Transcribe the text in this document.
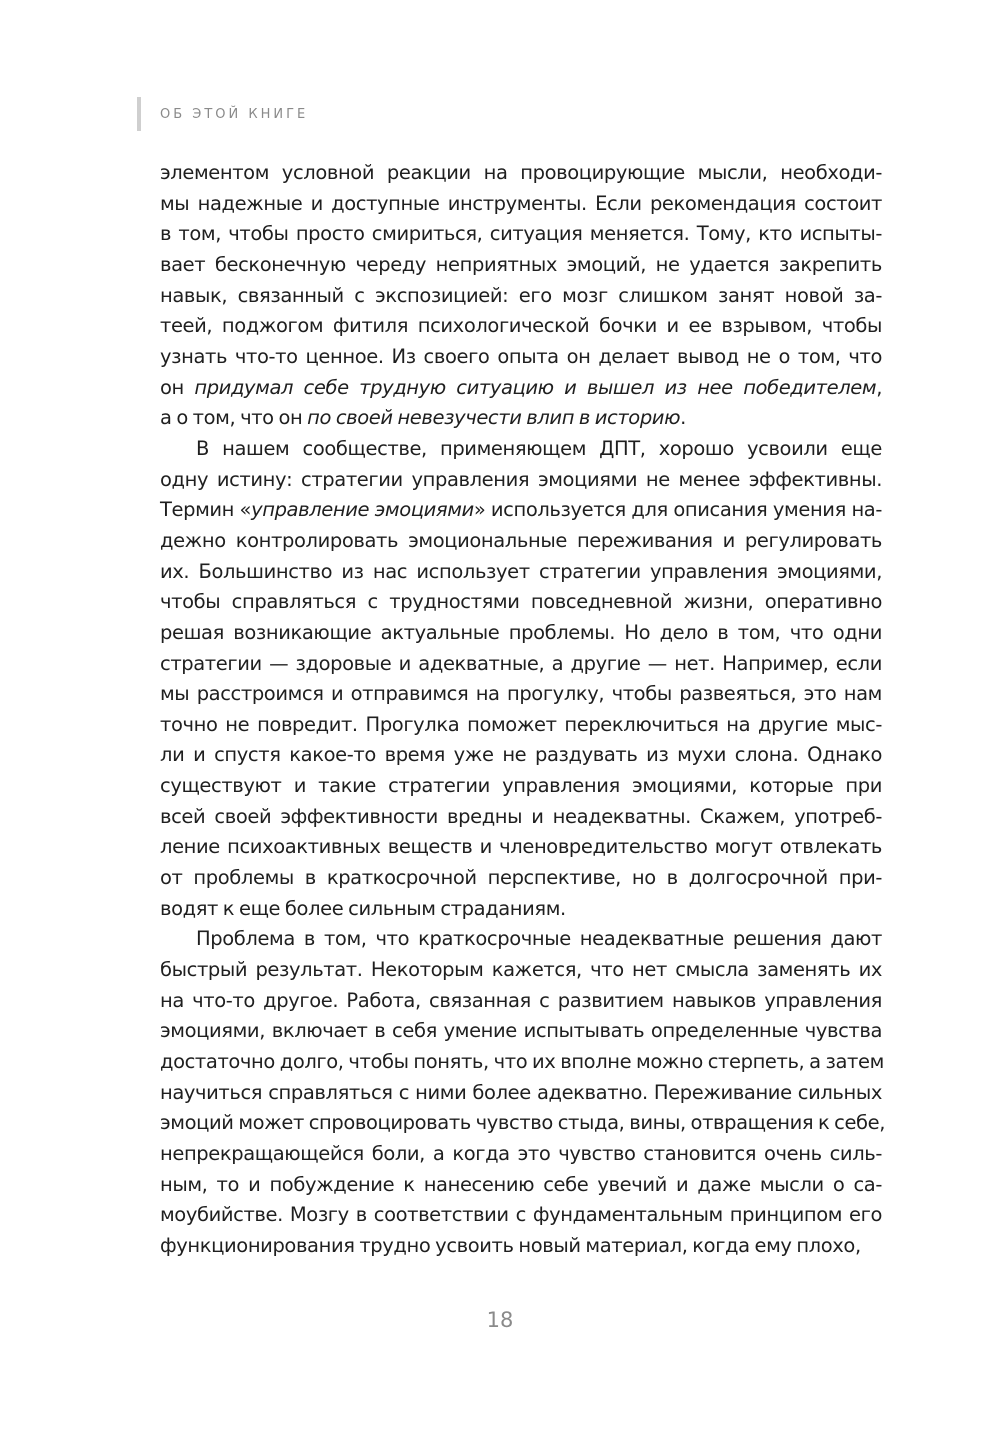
ОБ ЭТОЙ КНИГЕ
элементом условной реакции на провоцирующие мысли, необходи-
мы надежные и доступные инструменты. Если рекомендация состоит
в том, чтобы просто смириться, ситуация меняется. Тому, кто испыты-
вает бесконечную череду неприятных эмоций, не удается закрепить
навык, связанный с экспозицией: его мозг слишком занят новой за-
теей, поджогом фитиля психологической бочки и ее взрывом, чтобы
узнать что-то ценное. Из своего опыта он делает вывод не о том, что
он придумал себе трудную ситуацию и вышел из нее победителем,
а о том, что он по своей невезучести влип в историю.
В нашем сообществе, применяющем ДПТ, хорошо усвоили еще
одну истину: стратегии управления эмоциями не менее эффективны.
Термин «управление эмоциями» используется для описания умения на-
дежно контролировать эмоциональные переживания и регулировать
их. Большинство из нас использует стратегии управления эмоциями,
чтобы справляться с трудностями повседневной жизни, оперативно
решая возникающие актуальные проблемы. Но дело в том, что одни
стратегии — здоровые и адекватные, а другие — нет. Например, если
мы расстроимся и отправимся на прогулку, чтобы развеяться, это нам
точно не повредит. Прогулка поможет переключиться на другие мыс-
ли и спустя какое-то время уже не раздувать из мухи слона. Однако
существуют и такие стратегии управления эмоциями, которые при
всей своей эффективности вредны и неадекватны. Скажем, употреб-
ление психоактивных веществ и членовредительство могут отвлекать
от проблемы в краткосрочной перспективе, но в долгосрочной при-
водят к еще более сильным страданиям.
Проблема в том, что краткосрочные неадекватные решения дают
быстрый результат. Некоторым кажется, что нет смысла заменять их
на что-то другое. Работа, связанная с развитием навыков управления
эмоциями, включает в себя умение испытывать определенные чувства
достаточно долго, чтобы понять, что их вполне можно стерпеть, а затем
научиться справляться с ними более адекватно. Переживание сильных
эмоций может спровоцировать чувство стыда, вины, отвращения к себе,
непрекращающейся боли, а когда это чувство становится очень силь-
ным, то и побуждение к нанесению себе увечий и даже мысли о са-
моубийстве. Мозгу в соответствии с фундаментальным принципом его
функционирования трудно усвоить новый материал, когда ему плохо,
18
